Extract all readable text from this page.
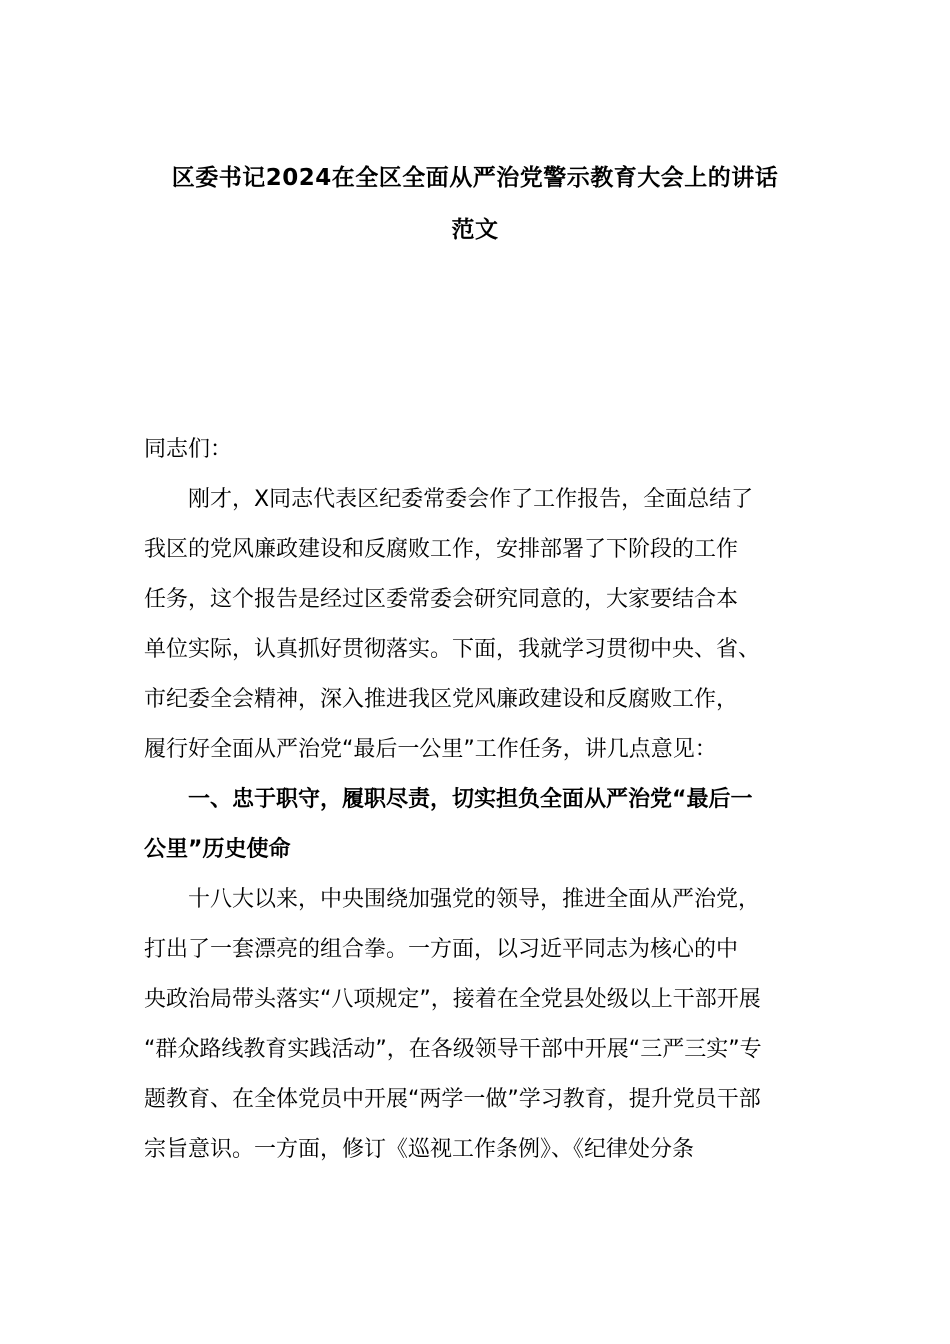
区委书记2024在全区全面从严治党警示教育大会上的讲话
范文
同志们：
　　刚才，X同志代表区纪委常委会作了工作报告，全面总结了
我区的党风廉政建设和反腐败工作，安排部署了下阶段的工作
任务，这个报告是经过区委常委会研究同意的，大家要结合本
单位实际，认真抓好贯彻落实。下面，我就学习贯彻中央、省、
市纪委全会精神，深入推进我区党风廉政建设和反腐败工作，
履行好全面从严治党“最后一公里”工作任务，讲几点意见：
　　一、忠于职守，履职尽责，切实担负全面从严治党“最后一
公里”历史使命
　　十八大以来，中央围绕加强党的领导，推进全面从严治党，
打出了一套漂亮的组合拳。一方面，以习近平同志为核心的中
央政治局带头落实“八项规定”，接着在全党县处级以上干部开展
“群众路线教育实践活动”，在各级领导干部中开展“三严三实”专
题教育、在全体党员中开展“两学一做”学习教育，提升党员干部
宗旨意识。一方面，修订《巡视工作条例》、《纪律处分条
